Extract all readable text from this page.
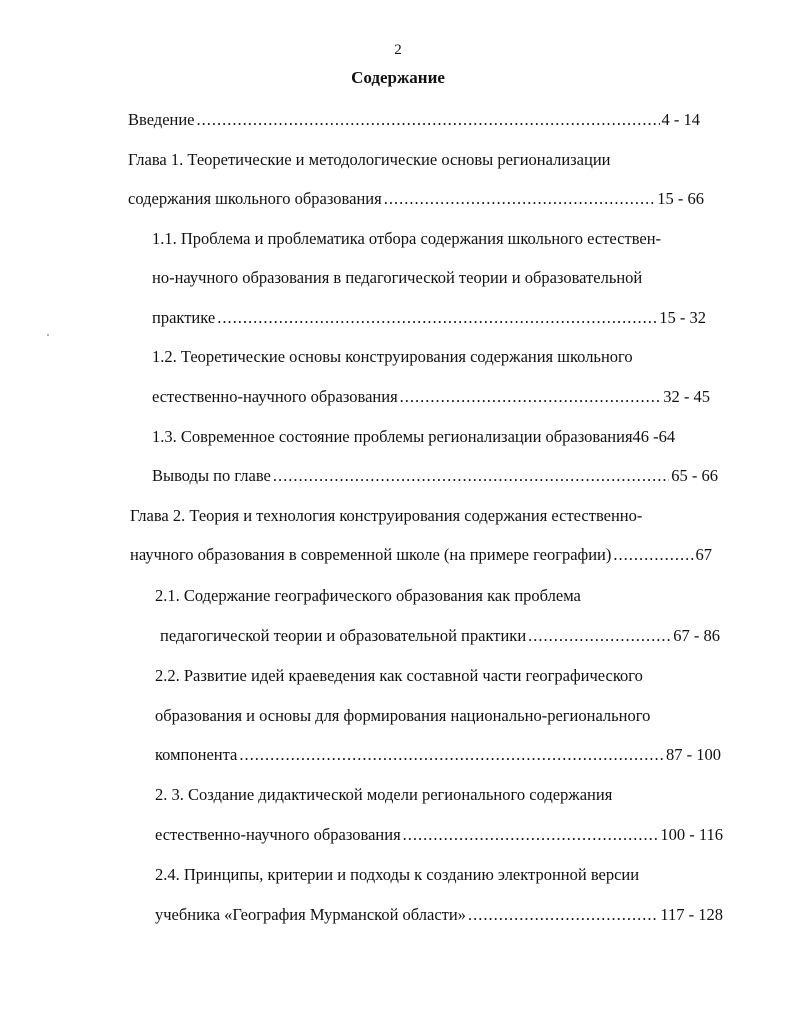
2
Содержание
Введение .....	4 - 14
Глава 1. Теоретические и методологические основы регионализации
содержания школьного образования .....	15 - 66
1.1. Проблема и проблематика отбора содержания школьного естествен-
но-научного образования в педагогической теории и образовательной
практике .....	15 - 32
1.2. Теоретические основы конструирования содержания школьного
естественно-научного образования .....	32 - 45
1.3. Современное состояние проблемы регионализации образования46 -64
Выводы по главе .....	65 - 66
Глава 2. Теория и технология конструирования содержания естественно-
научного образования в современной школе (на примере географии) .....	67
2.1. Содержание географического образования как проблема
педагогической теории и образовательной практики .....	67 - 86
2.2. Развитие идей краеведения как составной части географического
образования и основы для формирования национально-регионального
компонента .....	87 - 100
2. 3. Создание дидактической модели регионального содержания
естественно-научного образования .....	100 - 116
2.4. Принципы, критерии и подходы к созданию электронной версии
учебника «География Мурманской области» .....	117 - 128
